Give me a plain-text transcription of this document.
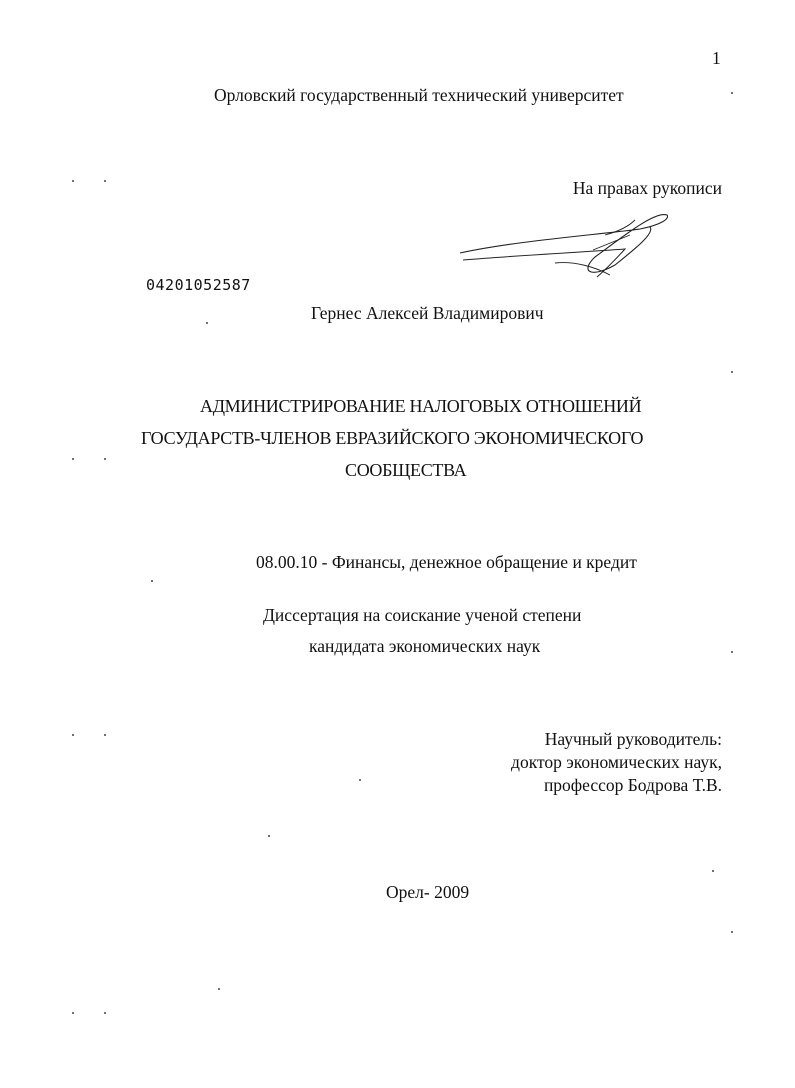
1
Орловский государственный технический университет
На правах рукописи
04201052587
Гернес Алексей Владимирович
АДМИНИСТРИРОВАНИЕ НАЛОГОВЫХ ОТНОШЕНИЙ
ГОСУДАРСТВ-ЧЛЕНОВ ЕВРАЗИЙСКОГО ЭКОНОМИЧЕСКОГО
СООБЩЕСТВА
08.00.10 - Финансы, денежное обращение и кредит
Диссертация на соискание ученой степени
кандидата экономических наук
Научный руководитель:
доктор экономических наук,
профессор Бодрова Т.В.
Орел- 2009
